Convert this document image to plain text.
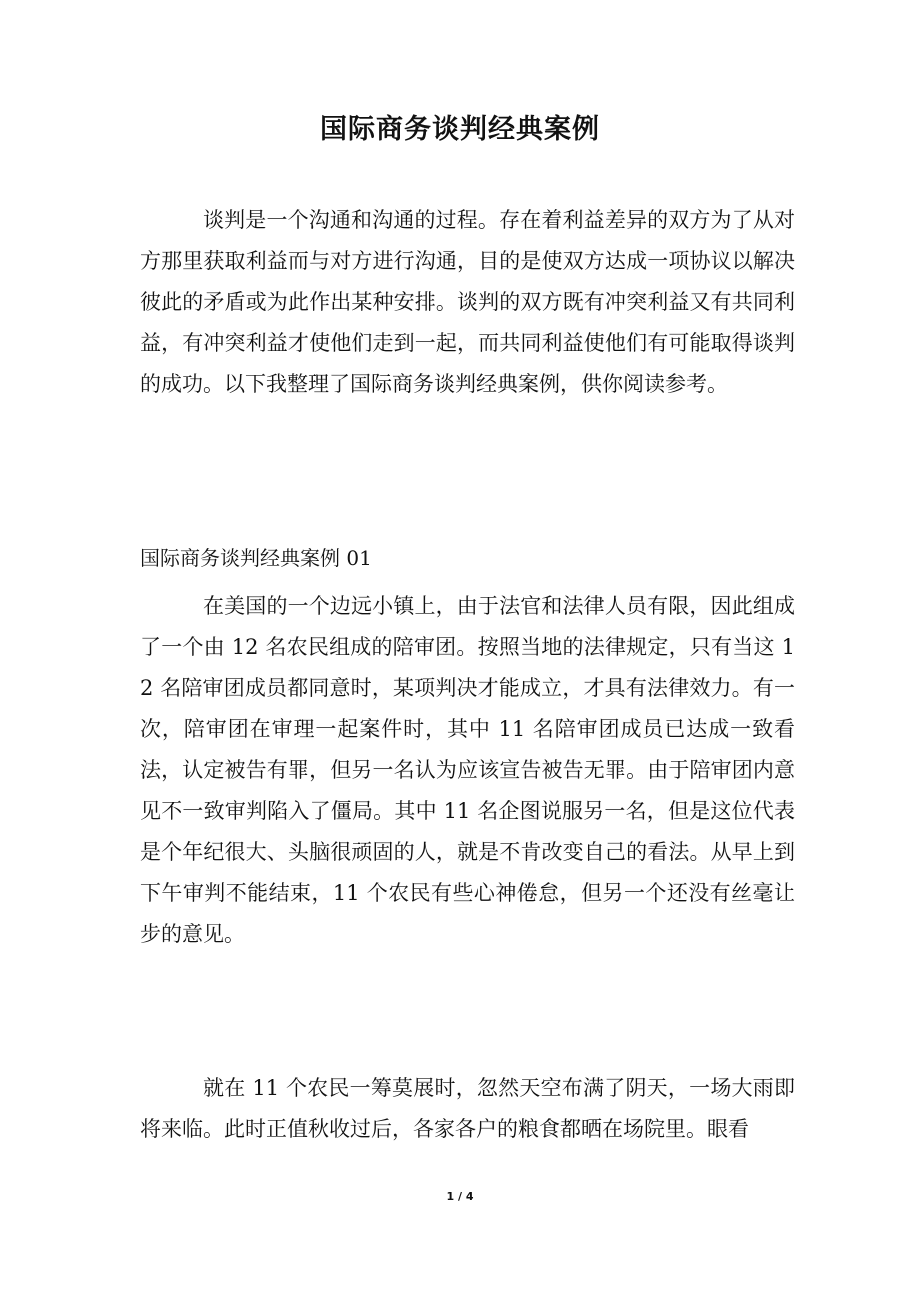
国际商务谈判经典案例

谈判是一个沟通和沟通的过程。存在着利益差异的双方为了从对方那里获取利益而与对方进行沟通，目的是使双方达成一项协议以解决彼此的矛盾或为此作出某种安排。谈判的双方既有冲突利益又有共同利益，有冲突利益才使他们走到一起，而共同利益使他们有可能取得谈判的成功。以下我整理了国际商务谈判经典案例，供你阅读参考。

国际商务谈判经典案例 01

在美国的一个边远小镇上，由于法官和法律人员有限，因此组成了一个由 12 名农民组成的陪审团。按照当地的法律规定，只有当这 12 名陪审团成员都同意时，某项判决才能成立，才具有法律效力。有一次，陪审团在审理一起案件时，其中 11 名陪审团成员已达成一致看法，认定被告有罪，但另一名认为应该宣告被告无罪。由于陪审团内意见不一致审判陷入了僵局。其中 11 名企图说服另一名，但是这位代表是个年纪很大、头脑很顽固的人，就是不肯改变自己的看法。从早上到下午审判不能结束，11 个农民有些心神倦怠，但另一个还没有丝毫让步的意见。

就在 11 个农民一筹莫展时，忽然天空布满了阴天，一场大雨即将来临。此时正值秋收过后，各家各户的粮食都晒在场院里。眼看

1 / 4
